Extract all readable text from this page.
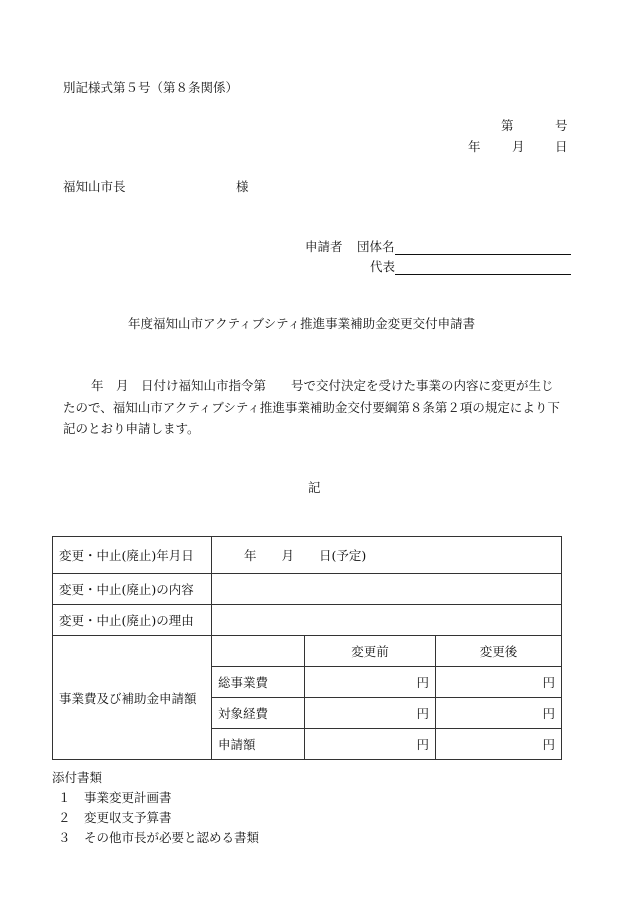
別記様式第５号（第８条関係）
第	号
年	月 日
福知山市長	様
申請者 団体名
代表
年度福知山市アクティブシティ推進事業補助金変更交付申請書
年　月　日付け福知山市指令第　　号で交付決定を受けた事業の内容に変更が生じたので、福知山市アクティブシティ推進事業補助金交付要綱第８条第２項の規定により下記のとおり申請します。
記
変更・中止(廃止)年月日	年　　月　　日(予定)		
変更・中止(廃止)の内容			
変更・中止(廃止)の理由			
事業費及び補助金申請額		変更前	変更後
	総事業費	円	円
	対象経費	円	円
	申請額	円	円
添付書類
１ 事業変更計画書
２ 変更収支予算書
３ その他市長が必要と認める書類
